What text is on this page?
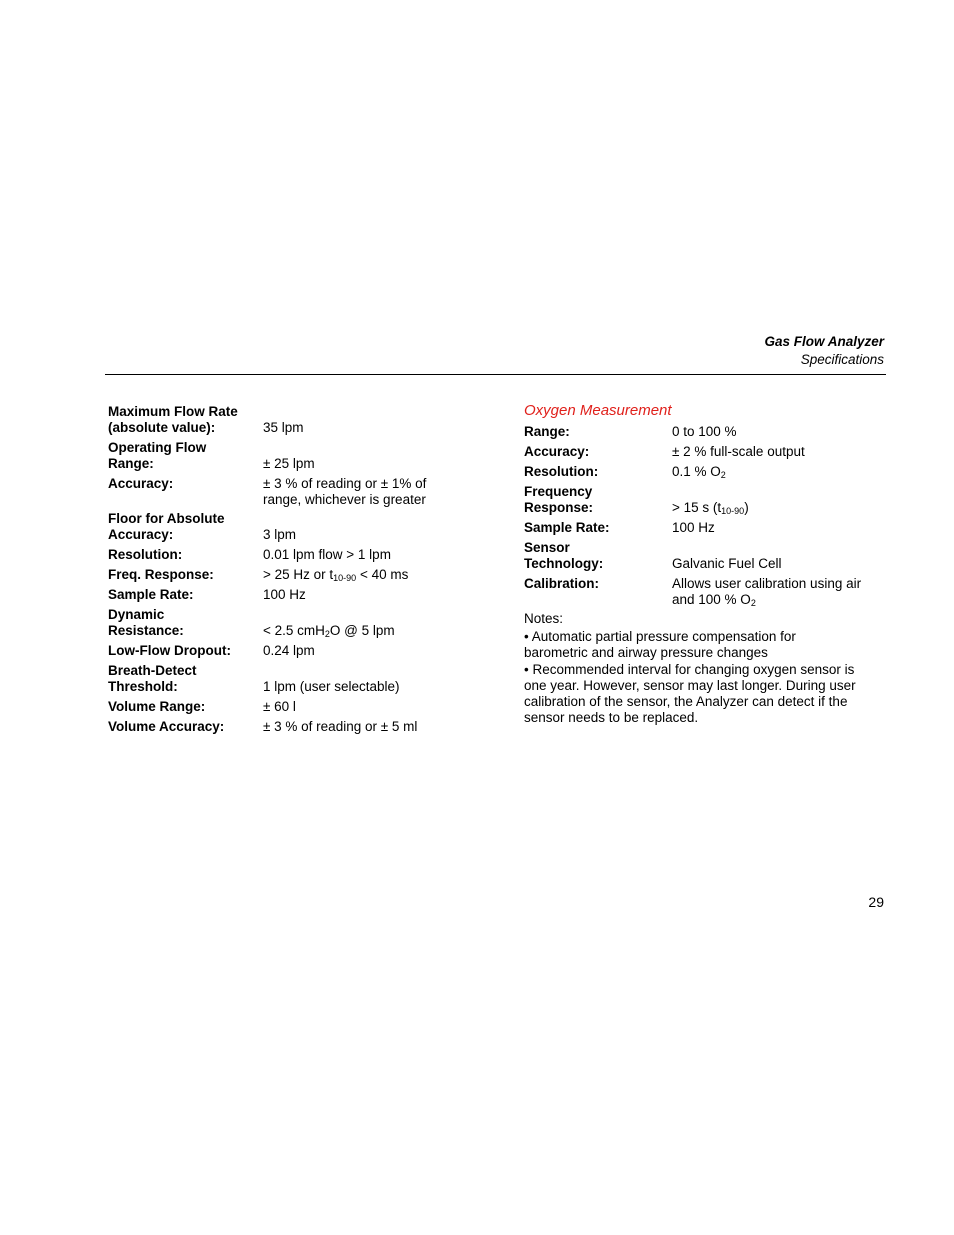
Gas Flow Analyzer
Specifications
Maximum Flow Rate
(absolute value):	35 lpm
Operating Flow
Range:	± 25 lpm
Accuracy:	± 3 % of reading or ± 1% of
range, whichever is greater
Floor for Absolute
Accuracy:	3 lpm
Resolution:	0.01 lpm flow > 1 lpm
Freq. Response:	> 25 Hz or $t_{10-90} < 40$ ms
Sample Rate:	100 Hz
Dynamic
Resistance:	< 2.5 cmH$_2$O @ 5 lpm
Low-Flow Dropout: 0.24 lpm
Breath-Detect
Threshold:	1 lpm (user selectable)
Volume Range:	± 60 l
Volume Accuracy:	± 3 % of reading or ± 5 ml
Oxygen Measurement
Range:	0 to 100 %
Accuracy:	± 2 % full-scale output
Resolution:	0.1 % $O_2$
Frequency
Response:	> 15 s $(t_{10-90})$
Sample Rate:	100 Hz
Sensor
Technology:	Galvanic Fuel Cell
Calibration:	Allows user calibration using air
and 100 % $O_2$
Notes:
• Automatic partial pressure compensation for
barometric and airway pressure changes
• Recommended interval for changing oxygen sensor is
one year. However, sensor may last longer. During user
calibration of the sensor, the Analyzer can detect if the
sensor needs to be replaced.
29
